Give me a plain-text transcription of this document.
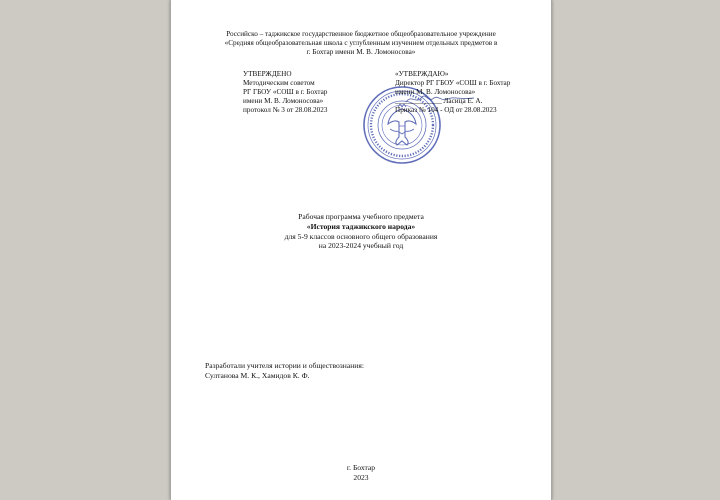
Российско – таджикское государственное бюджетное общеобразовательное учреждение
«Средняя общеобразовательная школа с углубленным изучением отдельных предметов в
г. Бохтар имени М. В. Ломоносова»
УТВЕРЖДЕНО
Методическим советом
РГ ГБОУ «СОШ в г. Бохтар
имени М. В. Ломоносова»
протокол № 3 от 28.08.2023
«УТВЕРЖДАЮ»
Директор РГ ГБОУ «СОШ в г. Бохтар
имени М. В. Ломоносова»
_____________ Ласица Е. А.
Приказ № 104 - ОД от 28.08.2023
Рабочая программа учебного предмета
«История таджикского народа»
для 5-9 классов основного общего образования
на 2023-2024 учебный год
Разработали учителя истории и обществознания:
Султанова М. К., Хамидов К. Ф.
г. Бохтар
2023
